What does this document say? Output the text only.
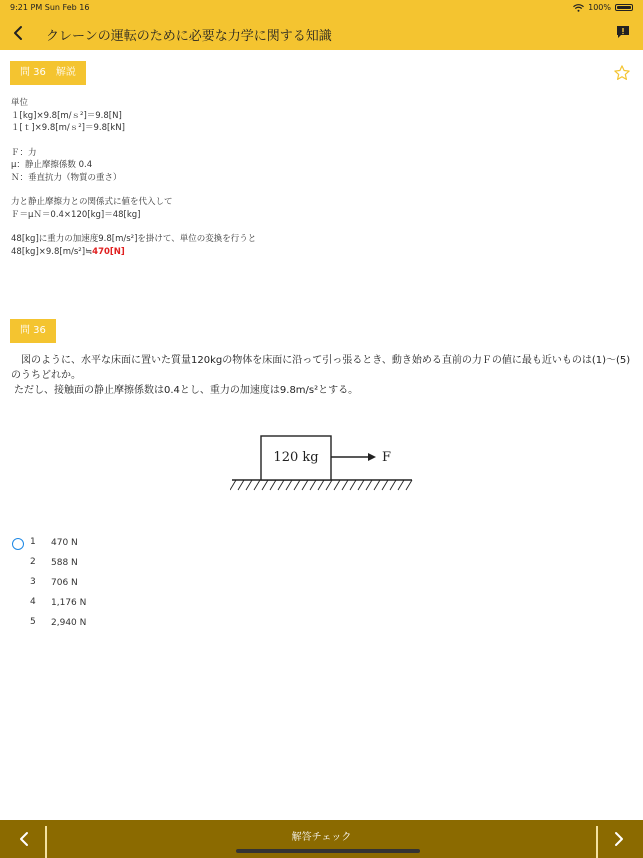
9:21 PM Sun Feb 16	100%
クレーンの運転のために必要な力学に関する知識
問 36　解説
単位
１[kg]×9.8[m/ｓ²]＝9.8[N]
１[ｔ]×9.8[m/ｓ²]＝9.8[kN]
Ｆ：力
μ：静止摩擦係数 0.4
Ｎ：垂直抗力（物質の重さ）
力と静止摩擦力との関係式に値を代入して
Ｆ＝μＮ＝0.4×120[kg]＝48[kg]
48[kg]に重力の加速度9.8[m/s²]を掛けて、単位の変換を行うと
48[kg]×9.8[m/s²]≒470[N]
問 36
　図のように、水平な床面に置いた質量120kgの物体を床面に沿って引っ張るとき、動き始める直前の力Ｆの値に最も近いものは(1)〜(5)のうちどれか。
ただし、接触面の静止摩擦係数は0.4とし、重力の加速度は9.8m/s²とする。
120 kg	F
1 470 N
2 588 N
3 706 N
4 1,176 N
5 2,940 N
解答チェック
